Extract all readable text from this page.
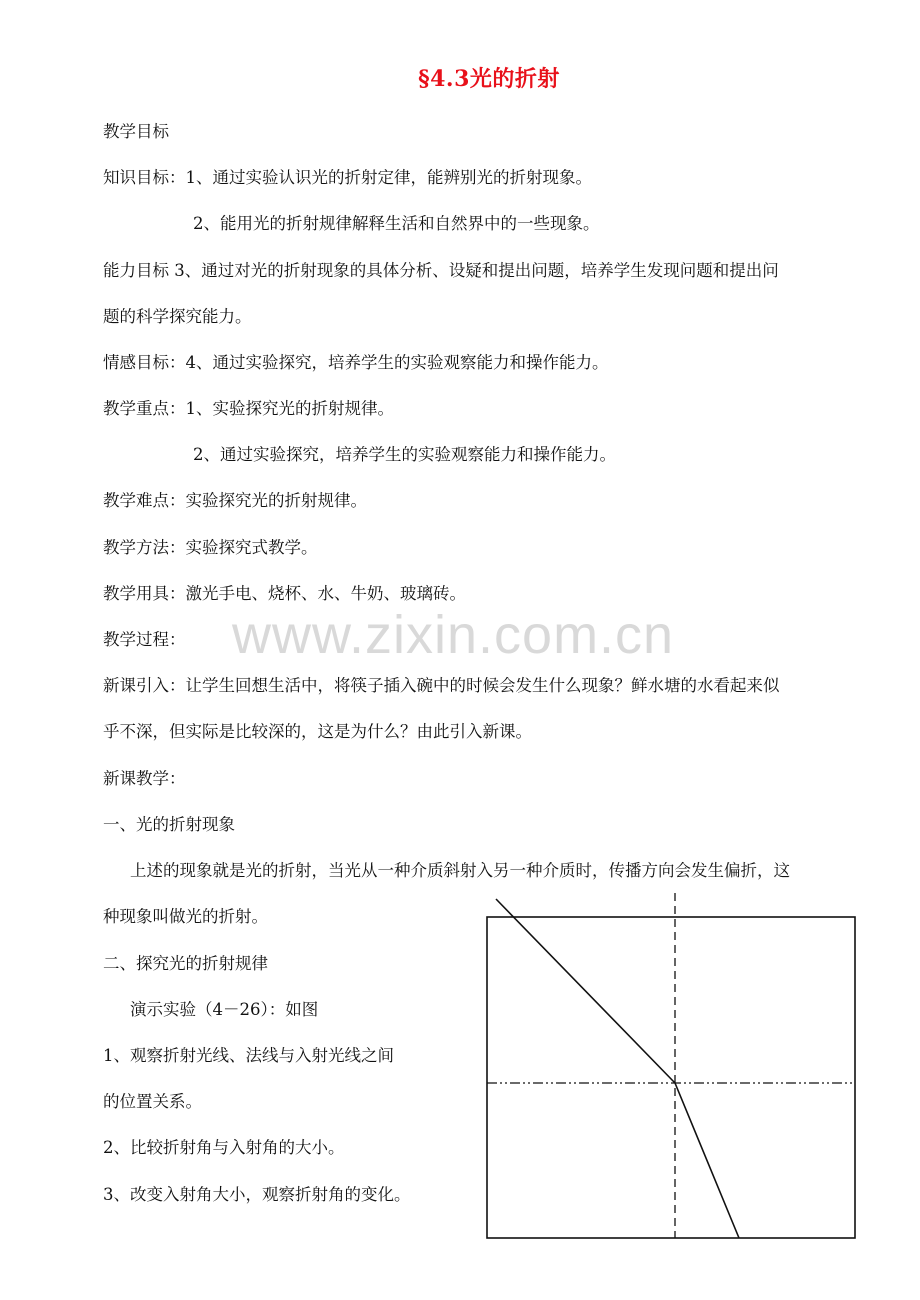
§4.3光的折射
www.zixin.com.cn
教学目标
知识目标：1、通过实验认识光的折射定律，能辨别光的折射现象。
2、能用光的折射规律解释生活和自然界中的一些现象。
能力目标 3、通过对光的折射现象的具体分析、设疑和提出问题，培养学生发现问题和提出问
题的科学探究能力。
情感目标：4、通过实验探究，培养学生的实验观察能力和操作能力。
教学重点：1、实验探究光的折射规律。
2、通过实验探究，培养学生的实验观察能力和操作能力。
教学难点：实验探究光的折射规律。
教学方法：实验探究式教学。
教学用具：激光手电、烧杯、水、牛奶、玻璃砖。
教学过程：
新课引入：让学生回想生活中，将筷子插入碗中的时候会发生什么现象？鲜水塘的水看起来似
乎不深，但实际是比较深的，这是为什么？由此引入新课。
新课教学：
一、光的折射现象
上述的现象就是光的折射，当光从一种介质斜射入另一种介质时，传播方向会发生偏折，这
种现象叫做光的折射。
二、探究光的折射规律
演示实验（4－26）：如图
1、观察折射光线、法线与入射光线之间
的位置关系。
2、比较折射角与入射角的大小。
3、改变入射角大小，观察折射角的变化。
